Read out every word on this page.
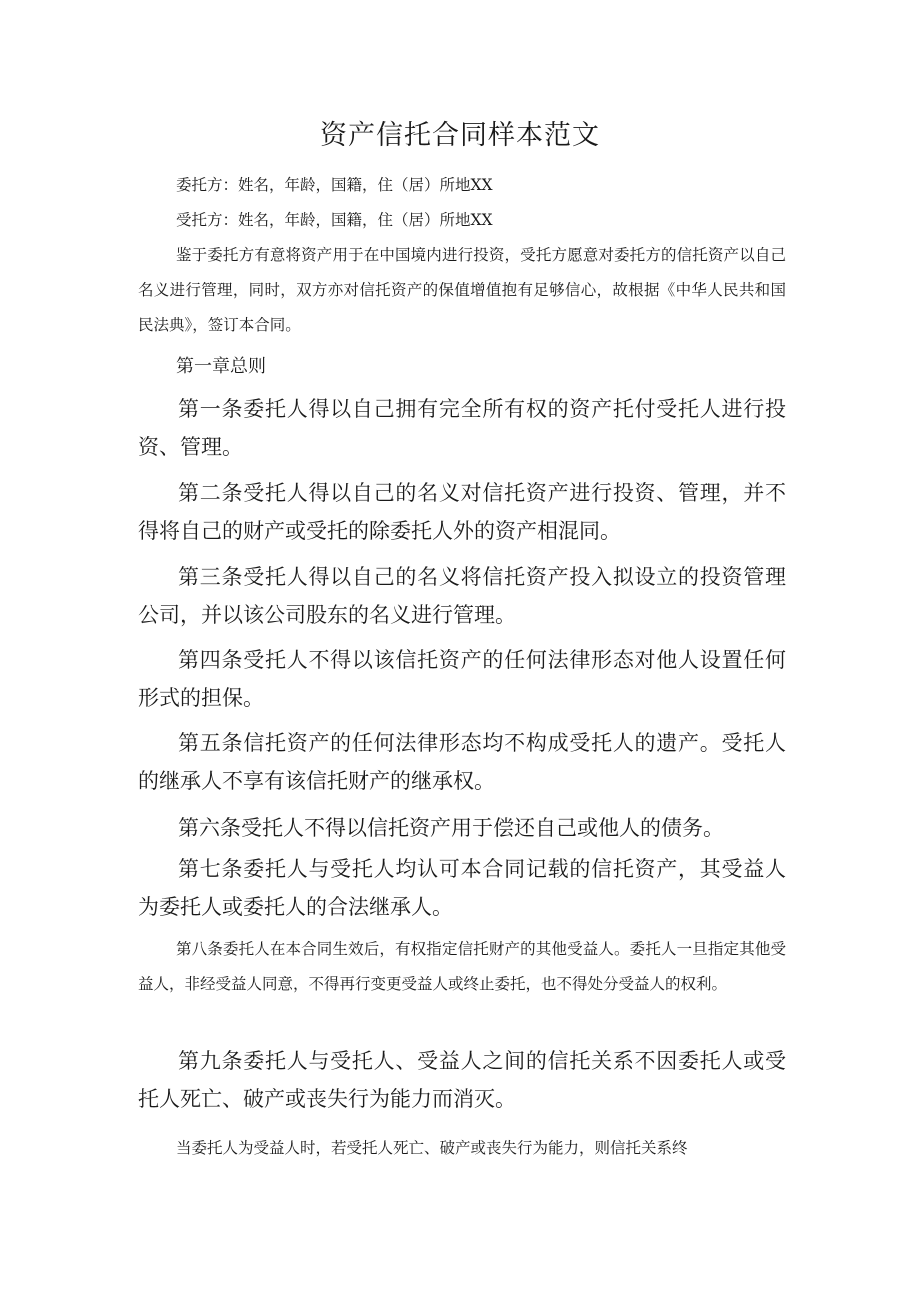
资产信托合同样本范文

委托方：姓名，年龄，国籍，住（居）所地XX

受托方：姓名，年龄，国籍，住（居）所地XX

鉴于委托方有意将资产用于在中国境内进行投资，受托方愿意对委托方的信托资产以自己名义进行管理，同时，双方亦对信托资产的保值增值抱有足够信心，故根据《中华人民共和国民法典》，签订本合同。

第一章总则

第一条委托人得以自己拥有完全所有权的资产托付受托人进行投资、管理。

第二条受托人得以自己的名义对信托资产进行投资、管理，并不得将自己的财产或受托的除委托人外的资产相混同。

第三条受托人得以自己的名义将信托资产投入拟设立的投资管理公司，并以该公司股东的名义进行管理。

第四条受托人不得以该信托资产的任何法律形态对他人设置任何形式的担保。

第五条信托资产的任何法律形态均不构成受托人的遗产。受托人的继承人不享有该信托财产的继承权。

第六条受托人不得以信托资产用于偿还自己或他人的债务。

第七条委托人与受托人均认可本合同记载的信托资产，其受益人为委托人或委托人的合法继承人。

第八条委托人在本合同生效后，有权指定信托财产的其他受益人。委托人一旦指定其他受益人，非经受益人同意，不得再行变更受益人或终止委托，也不得处分受益人的权利。

第九条委托人与受托人、受益人之间的信托关系不因委托人或受托人死亡、破产或丧失行为能力而消灭。

当委托人为受益人时，若受托人死亡、破产或丧失行为能力，则信托关系终
